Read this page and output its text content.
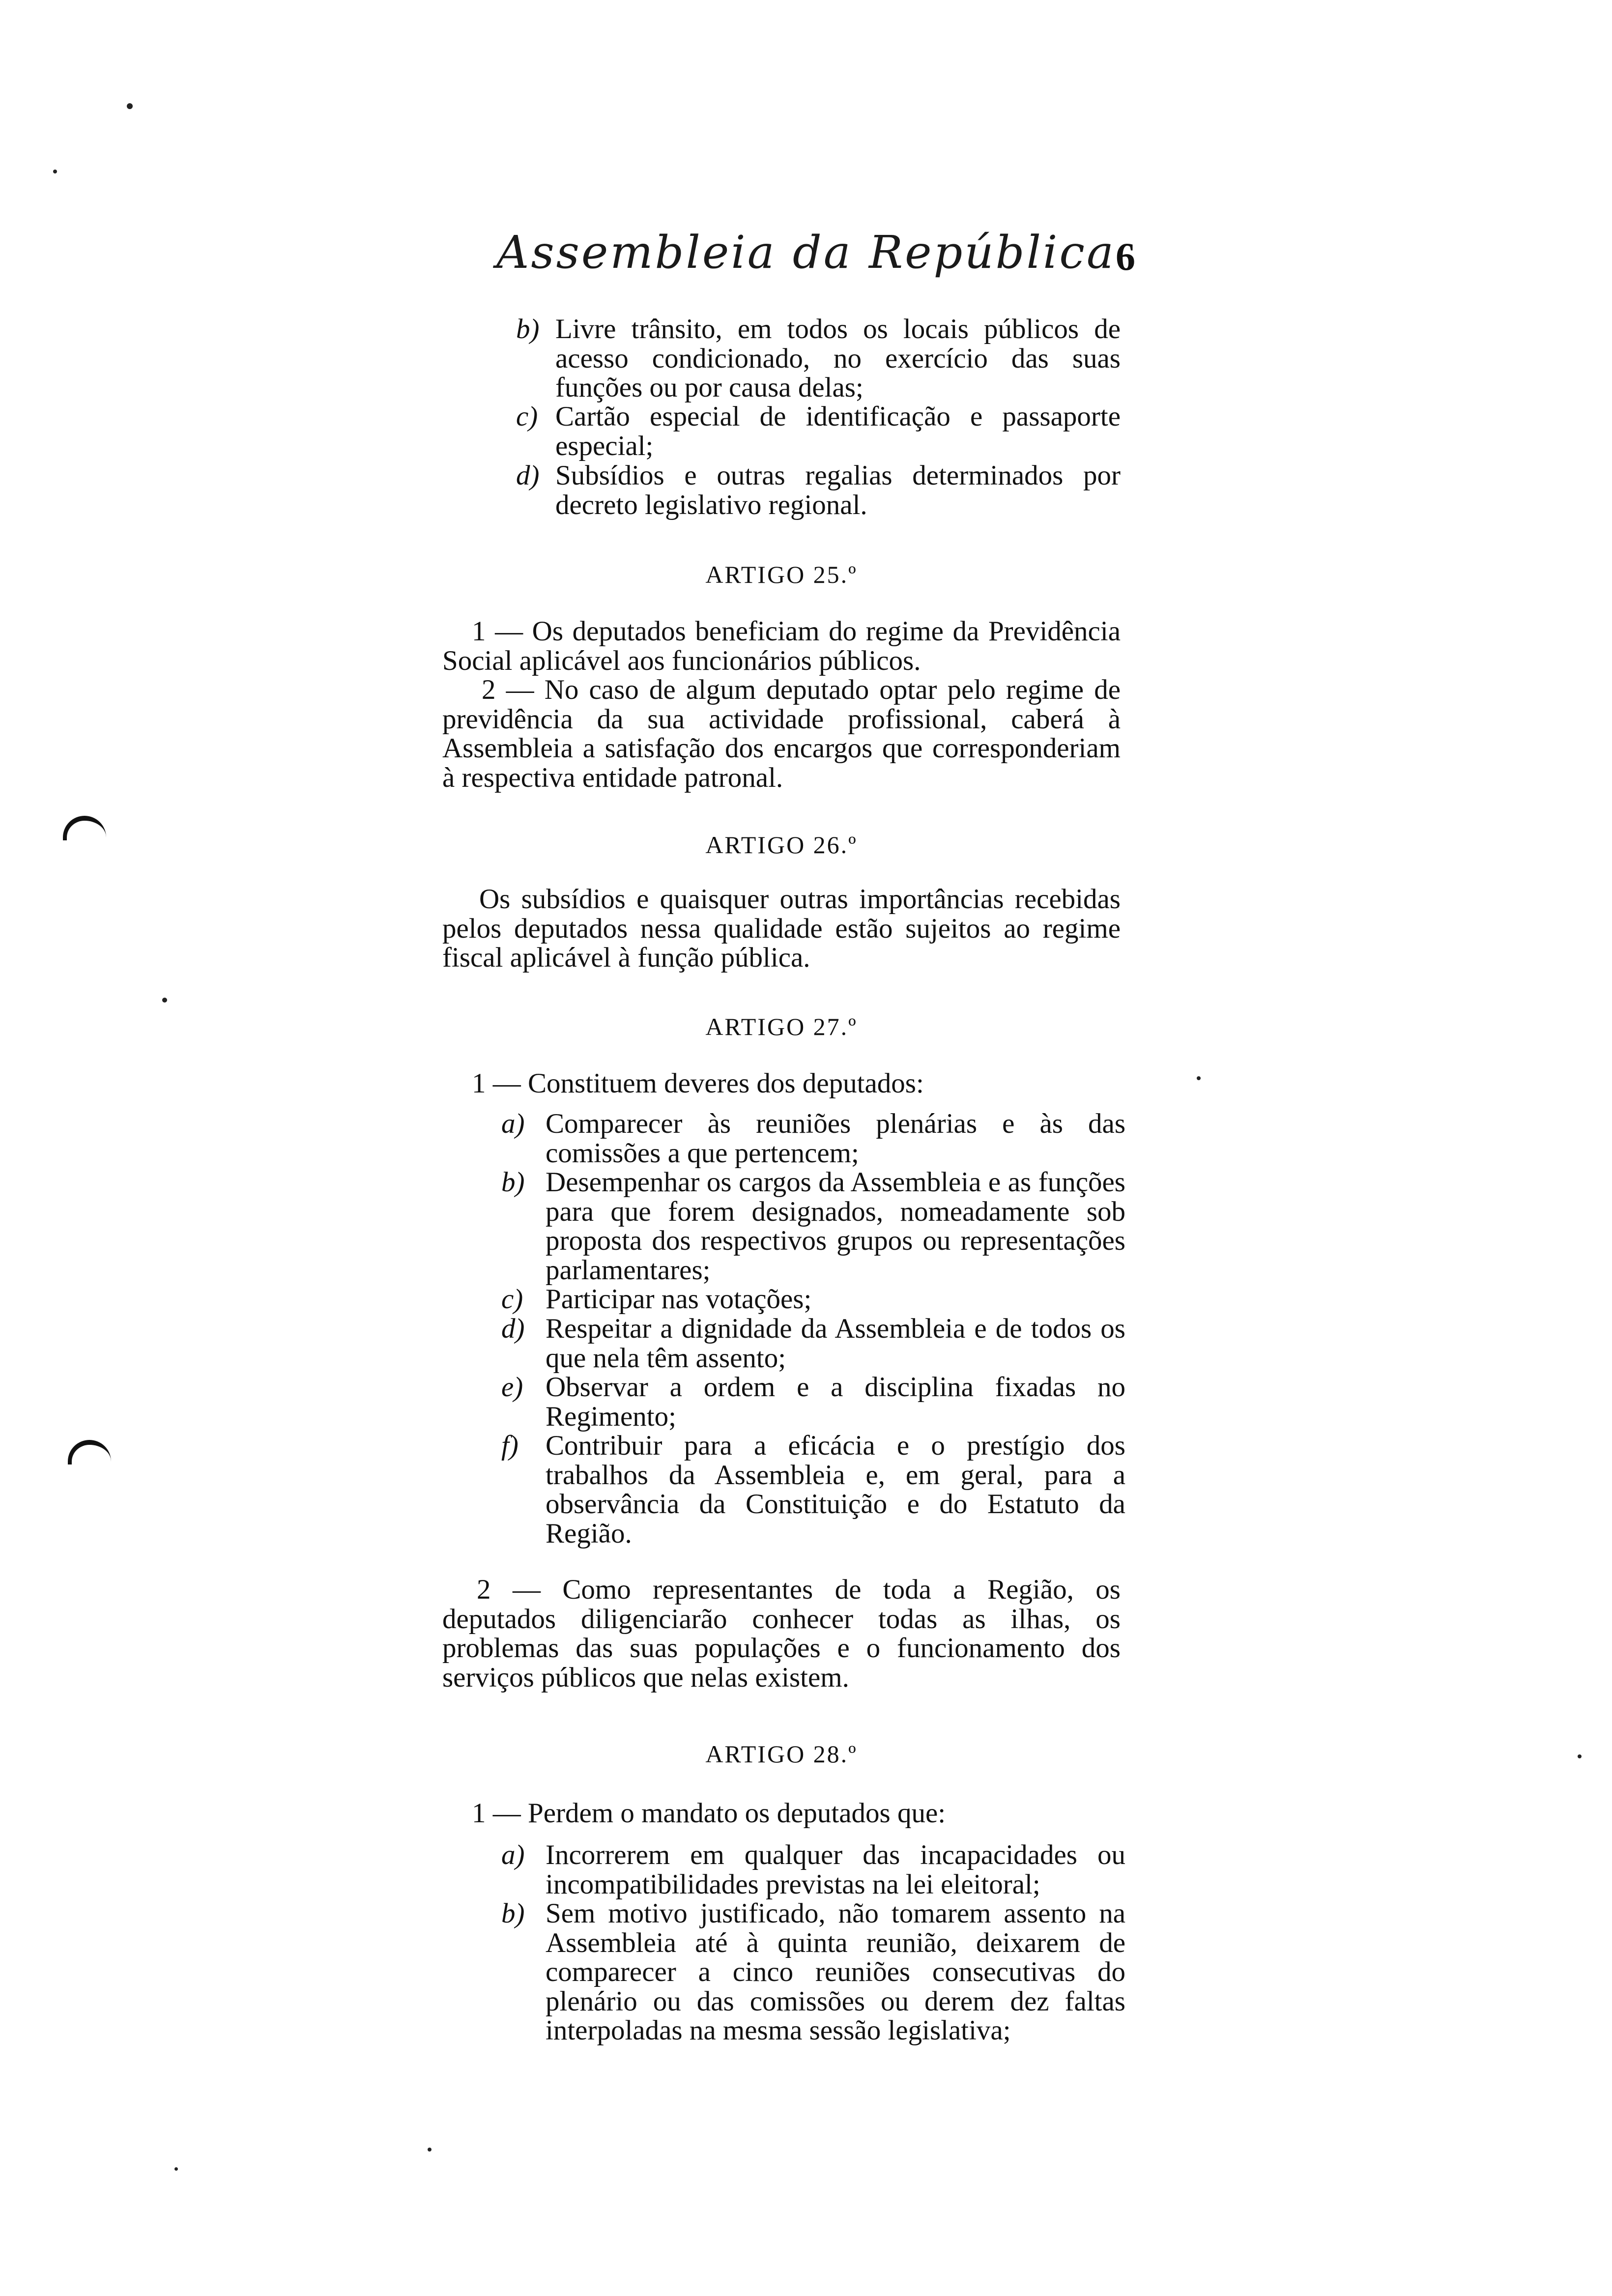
Assembleia da República 6
b) Livre trânsito, em todos os locais públicos de acesso condicionado, no exercício das suas funções ou por causa delas;
c) Cartão especial de identificação e passaporte especial;
d) Subsídios e outras regalias determinados por decreto legislativo regional.
ARTIGO 25.º
1 — Os deputados beneficiam do regime da Previdência Social aplicável aos funcionários públicos.
2 — No caso de algum deputado optar pelo regime de previdência da sua actividade profissional, caberá à Assembleia a satisfação dos encargos que corresponderiam à respectiva entidade patronal.
ARTIGO 26.º
Os subsídios e quaisquer outras importâncias recebidas pelos deputados nessa qualidade estão sujeitos ao regime fiscal aplicável à função pública.
ARTIGO 27.º
1 — Constituem deveres dos deputados:
a) Comparecer às reuniões plenárias e às das comissões a que pertencem;
b) Desempenhar os cargos da Assembleia e as funções para que forem designados, nomeadamente sob proposta dos respectivos grupos ou representações parlamentares;
c) Participar nas votações;
d) Respeitar a dignidade da Assembleia e de todos os que nela têm assento;
e) Observar a ordem e a disciplina fixadas no Regimento;
f) Contribuir para a eficácia e o prestígio dos trabalhos da Assembleia e, em geral, para a observância da Constituição e do Estatuto da Região.
2 — Como representantes de toda a Região, os deputados diligenciarão conhecer todas as ilhas, os problemas das suas populações e o funcionamento dos serviços públicos que nelas existem.
ARTIGO 28.º
1 — Perdem o mandato os deputados que:
a) Incorrerem em qualquer das incapacidades ou incompatibilidades previstas na lei eleitoral;
b) Sem motivo justificado, não tomarem assento na Assembleia até à quinta reunião, deixarem de comparecer a cinco reuniões consecutivas do plenário ou das comissões ou derem dez faltas interpoladas na mesma sessão legislativa;
